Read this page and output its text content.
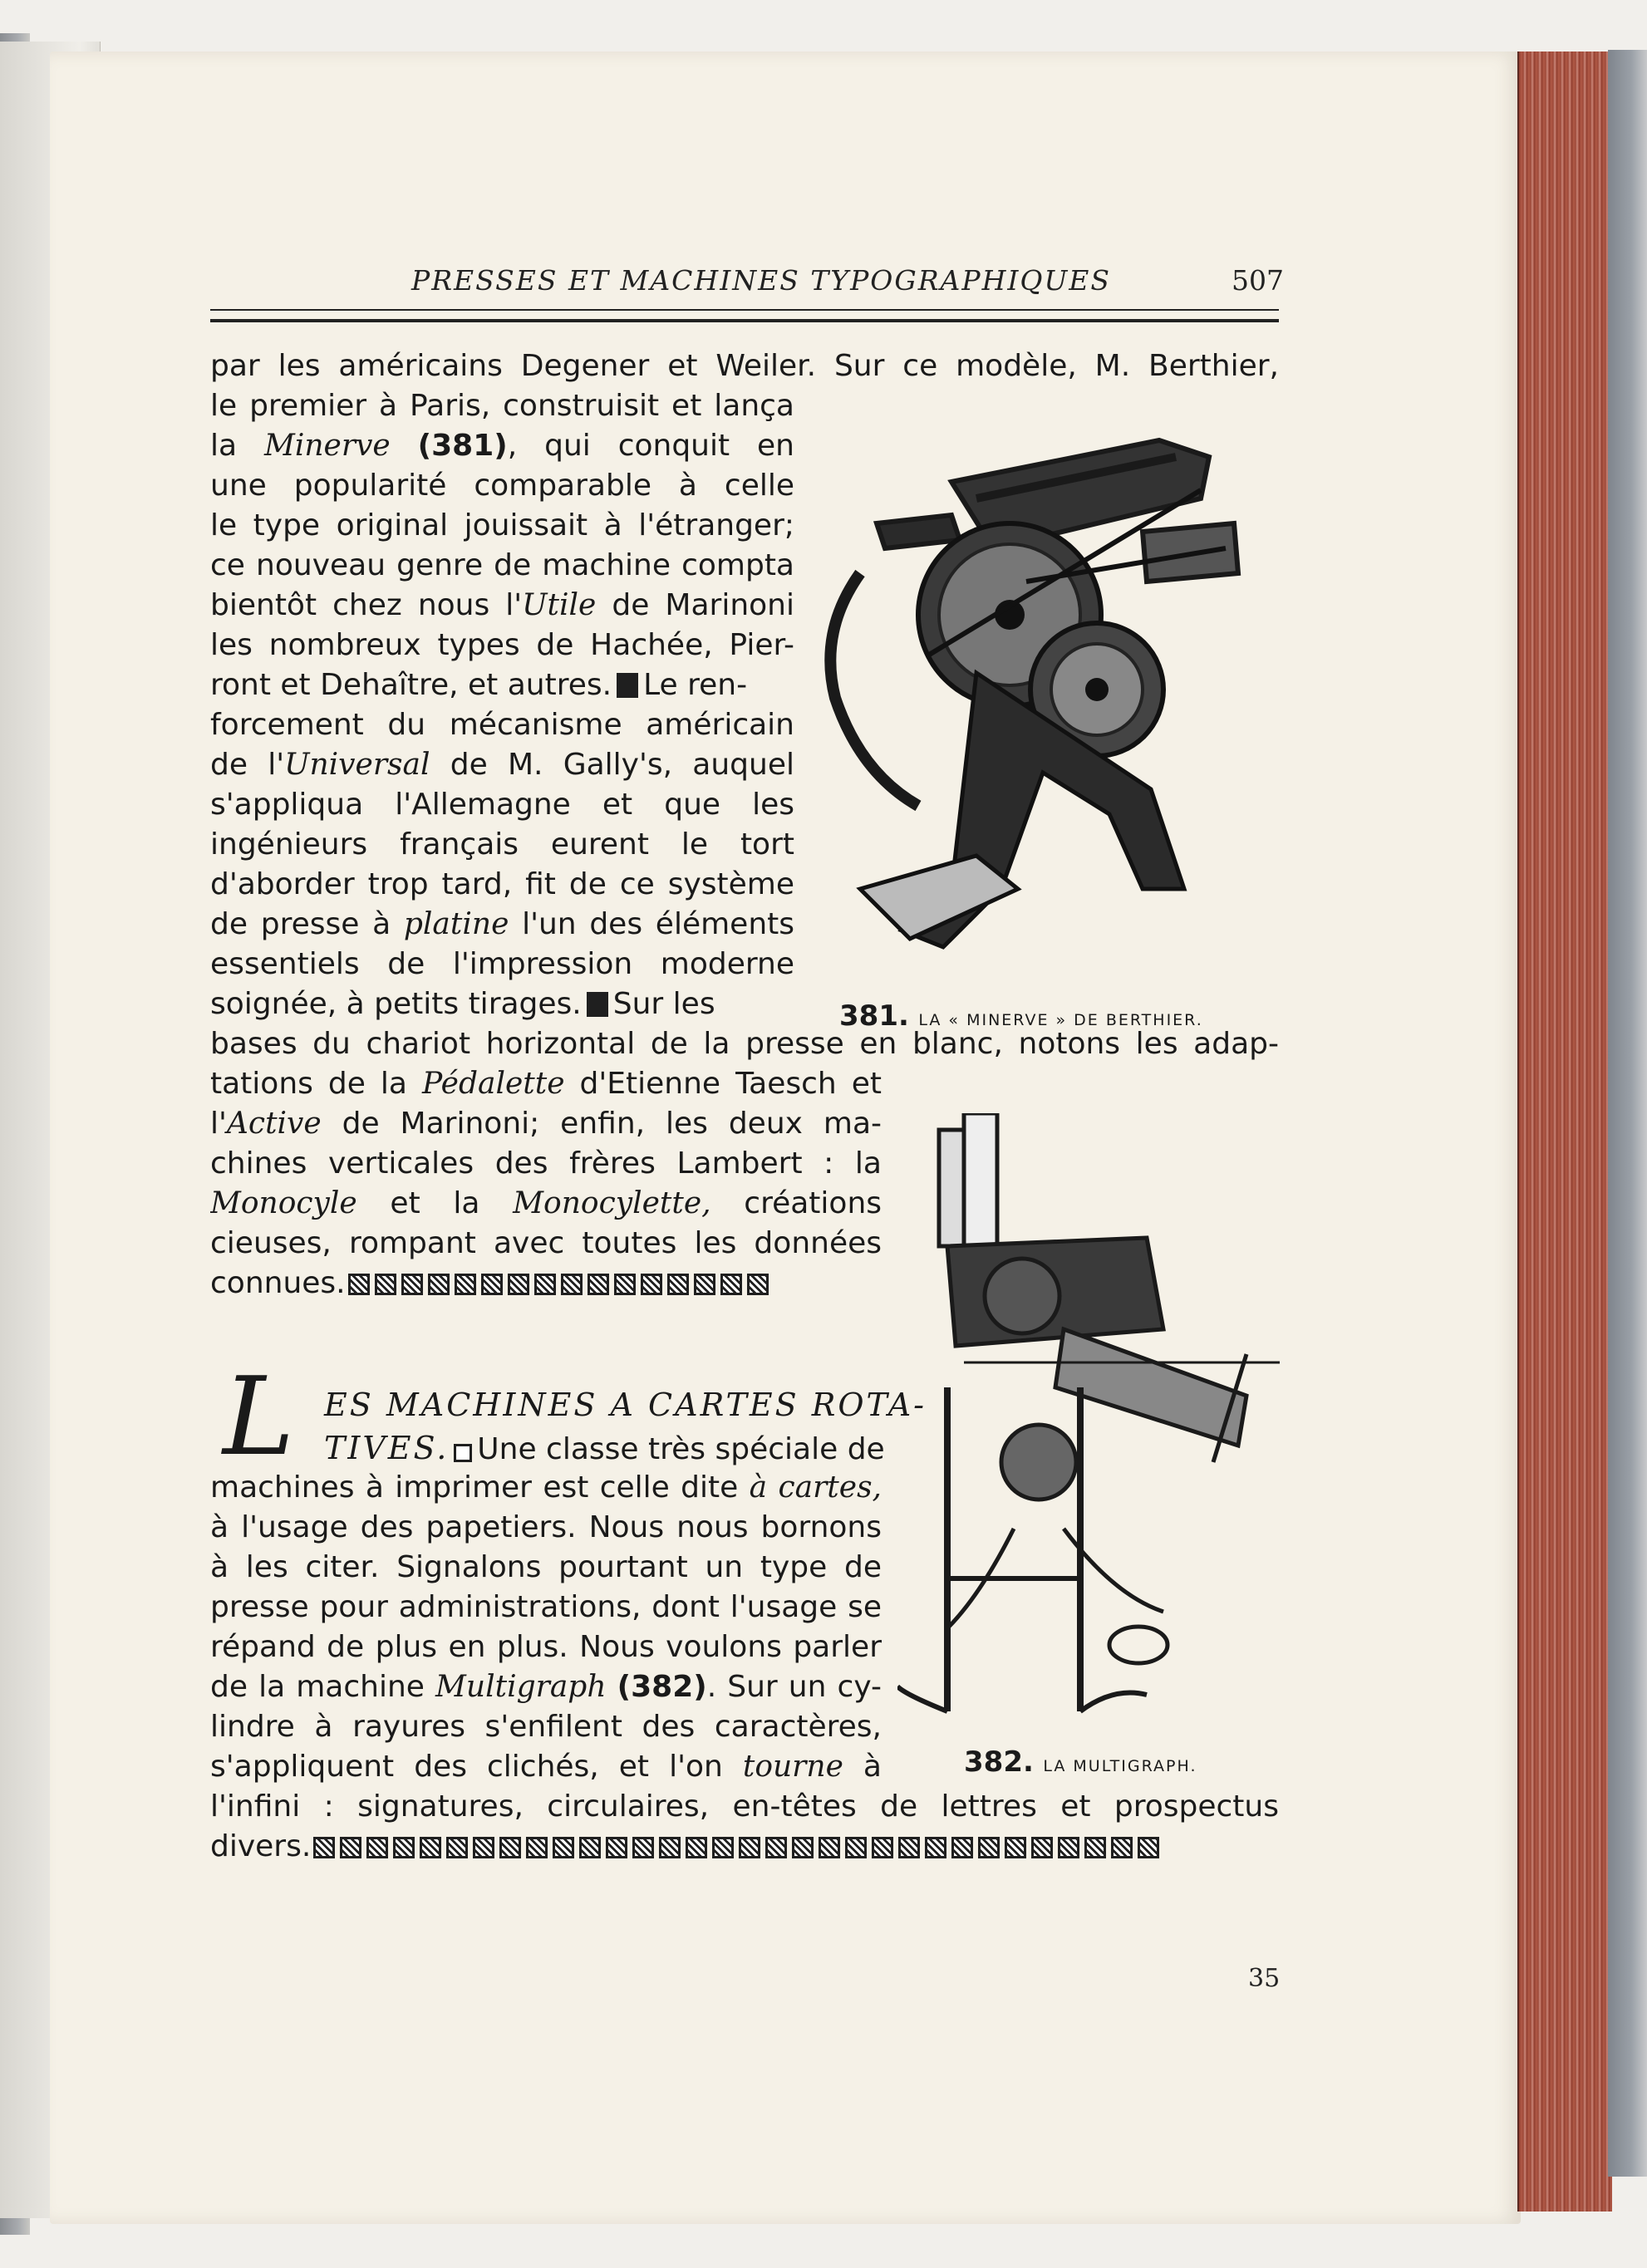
PRESSES ET MACHINES TYPOGRAPHIQUES	507
par les américains Degener et Weiler. Sur ce modèle, M. Berthier,
le premier à Paris, construisit et lança
la Minerve (381), qui conquit en
une popularité comparable à celle
le type original jouissait à l'étranger;
ce nouveau genre de machine compta
bientôt chez nous l'Utile de Marinoni
les nombreux types de Hachée, Pier-
ront et Dehaître, et autres. Le ren-
forcement du mécanisme américain
de l'Universal de M. Gally's, auquel
s'appliqua l'Allemagne et que les
ingénieurs français eurent le tort
d'aborder trop tard, fit de ce système
de presse à platine l'un des éléments
essentiels de l'impression moderne
soignée, à petits tirages. Sur les
bases du chariot horizontal de la presse en blanc, notons les adap-
tations de la Pédalette d'Etienne Taesch et
l'Active de Marinoni; enfin, les deux ma-
chines verticales des frères Lambert : la
Monocyle et la Monocylette, créations
cieuses, rompant avec toutes les données
connues.
L ES MACHINES A CARTES ROTA-
TIVES. Une classe très spéciale de
machines à imprimer est celle dite à cartes,
à l'usage des papetiers. Nous nous bornons
à les citer. Signalons pourtant un type de
presse pour administrations, dont l'usage se
répand de plus en plus. Nous voulons parler
de la machine Multigraph (382). Sur un cy-
lindre à rayures s'enfilent des caractères,
s'appliquent des clichés, et l'on tourne à
l'infini : signatures, circulaires, en-têtes de lettres et prospectus
divers.
381. LA « MINERVE » DE BERTHIER.
382. LA MULTIGRAPH.
35
